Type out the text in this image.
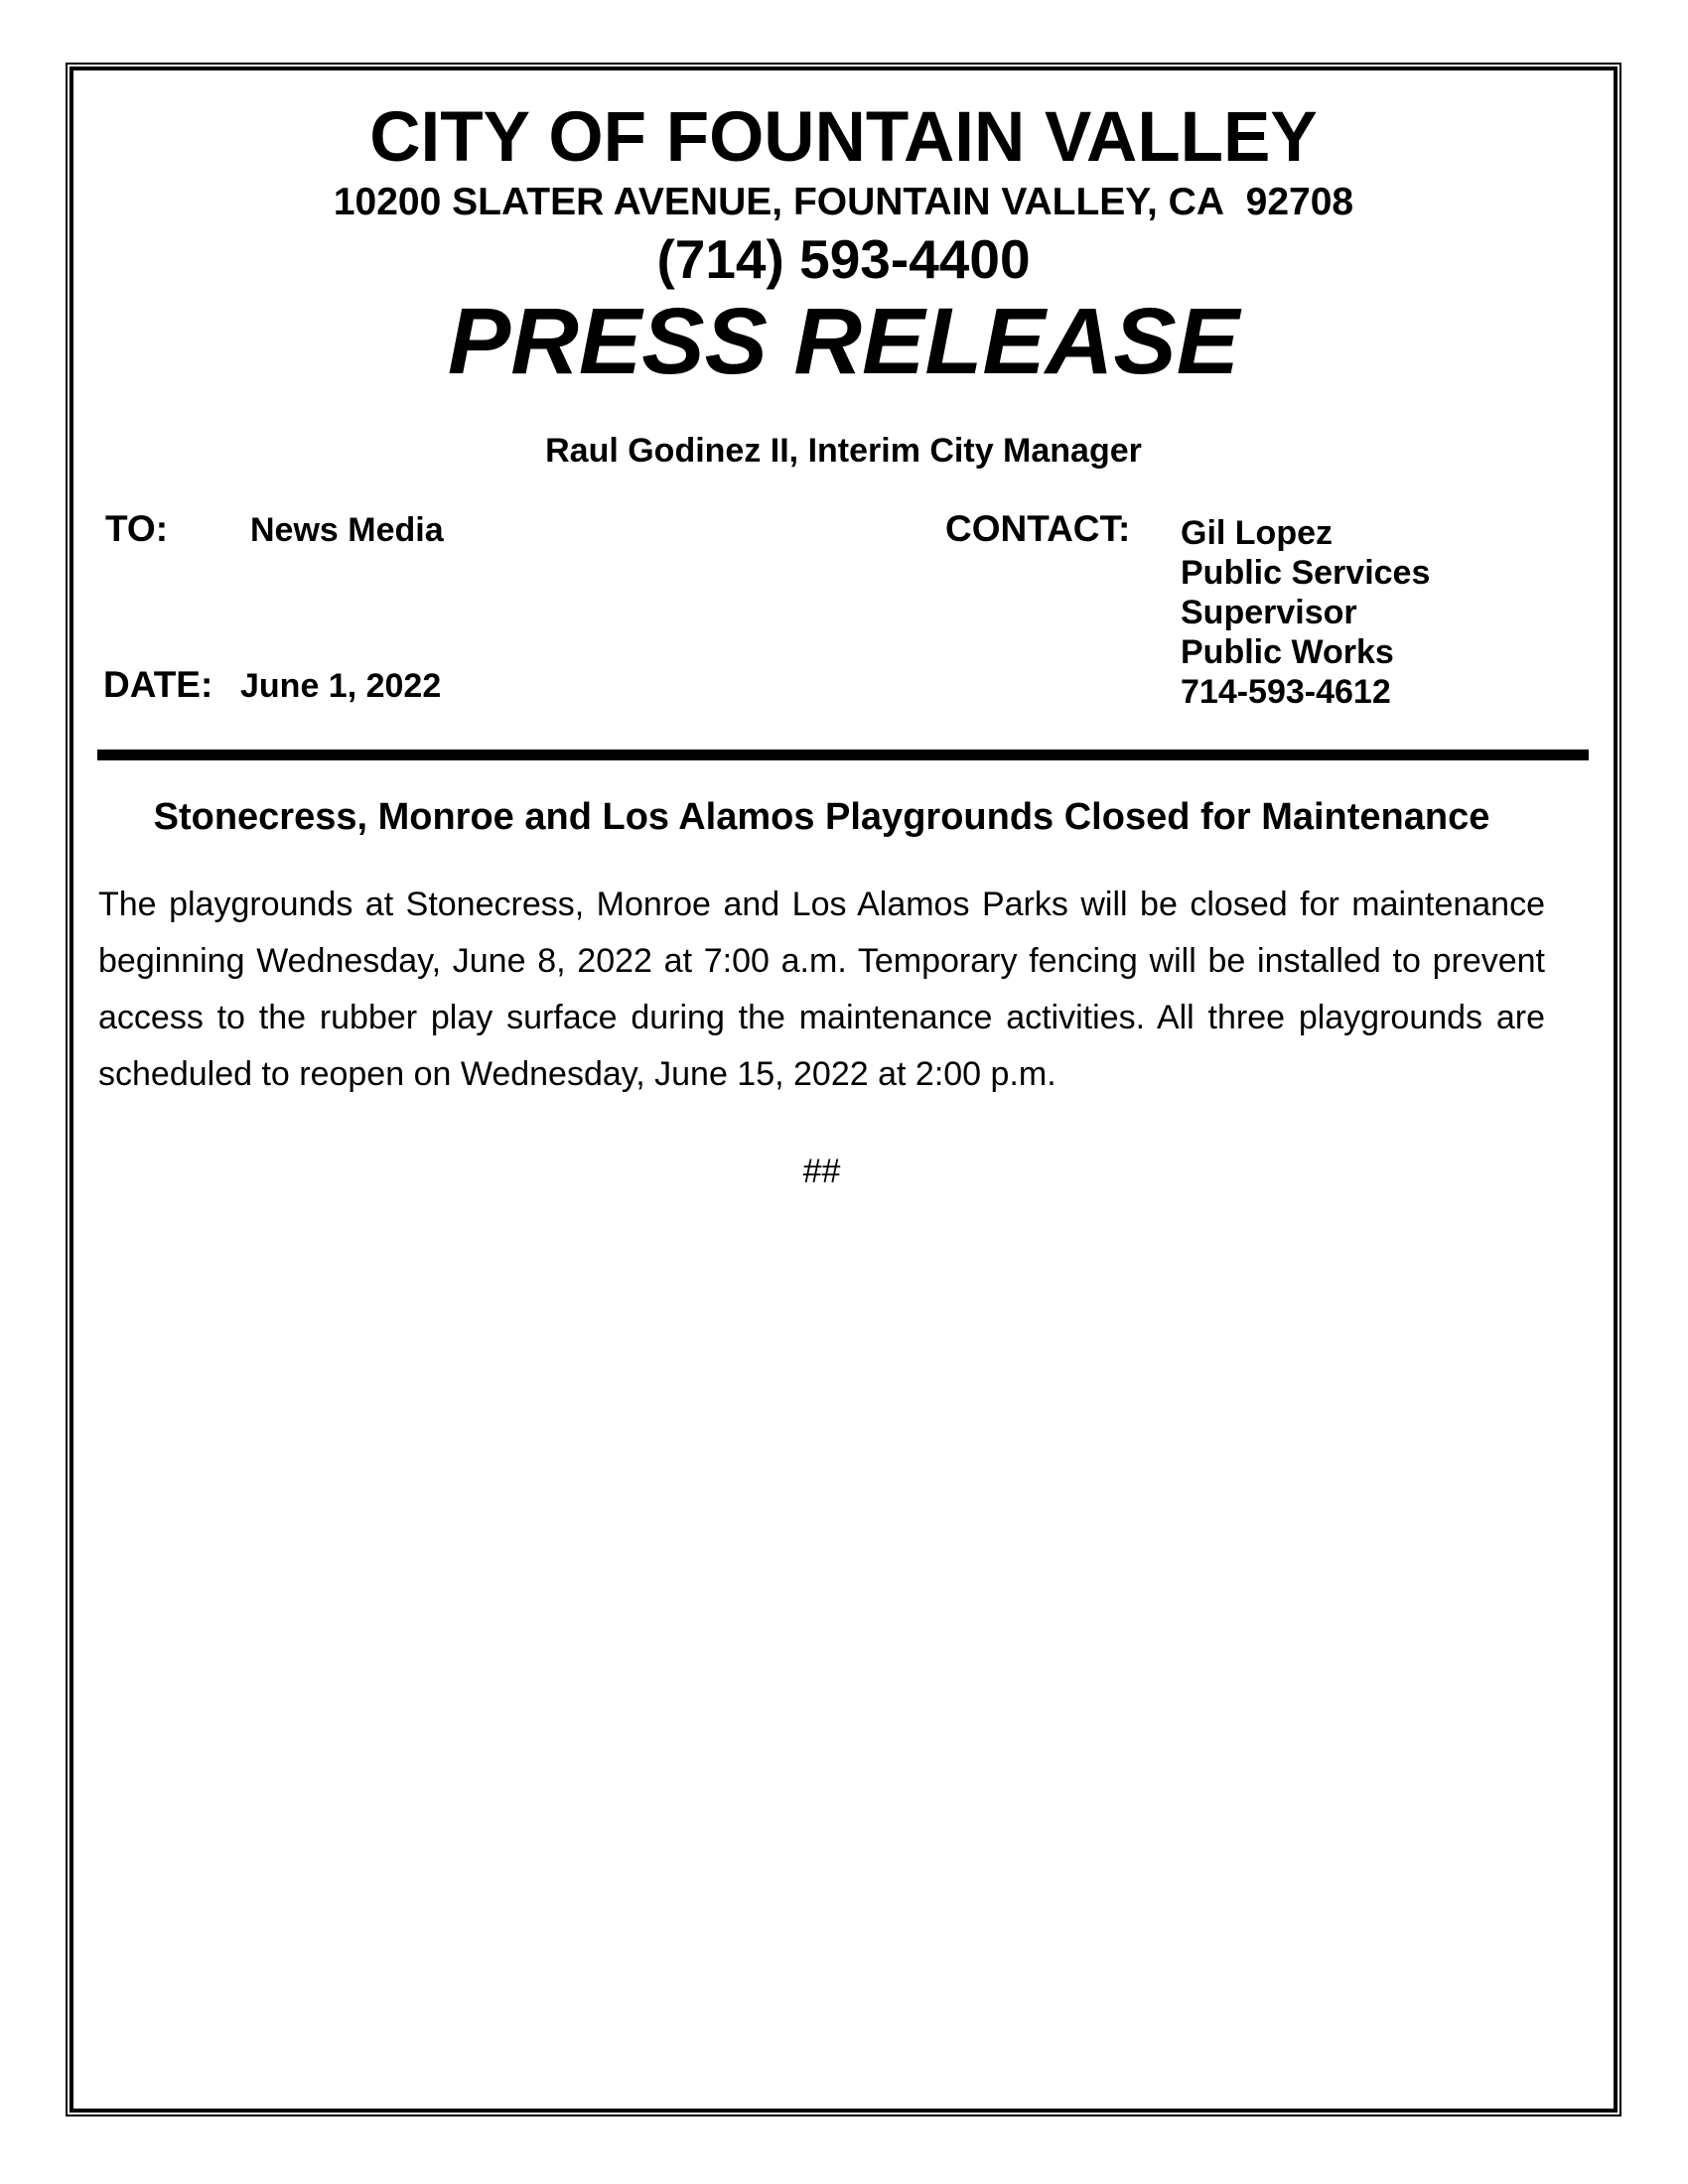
CITY OF FOUNTAIN VALLEY
10200 SLATER AVENUE, FOUNTAIN VALLEY, CA  92708
(714) 593-4400
PRESS RELEASE
Raul Godinez II, Interim City Manager
TO: News Media	CONTACT: Gil Lopez
Public Services
Supervisor
Public Works
714-593-4612
DATE: June 1, 2022
Stonecress, Monroe and Los Alamos Playgrounds Closed for Maintenance
The playgrounds at Stonecress, Monroe and Los Alamos Parks will be closed for maintenance
beginning Wednesday, June 8, 2022 at 7:00 a.m. Temporary fencing will be installed to prevent
access to the rubber play surface during the maintenance activities. All three playgrounds are
scheduled to reopen on Wednesday, June 15, 2022 at 2:00 p.m.
##
